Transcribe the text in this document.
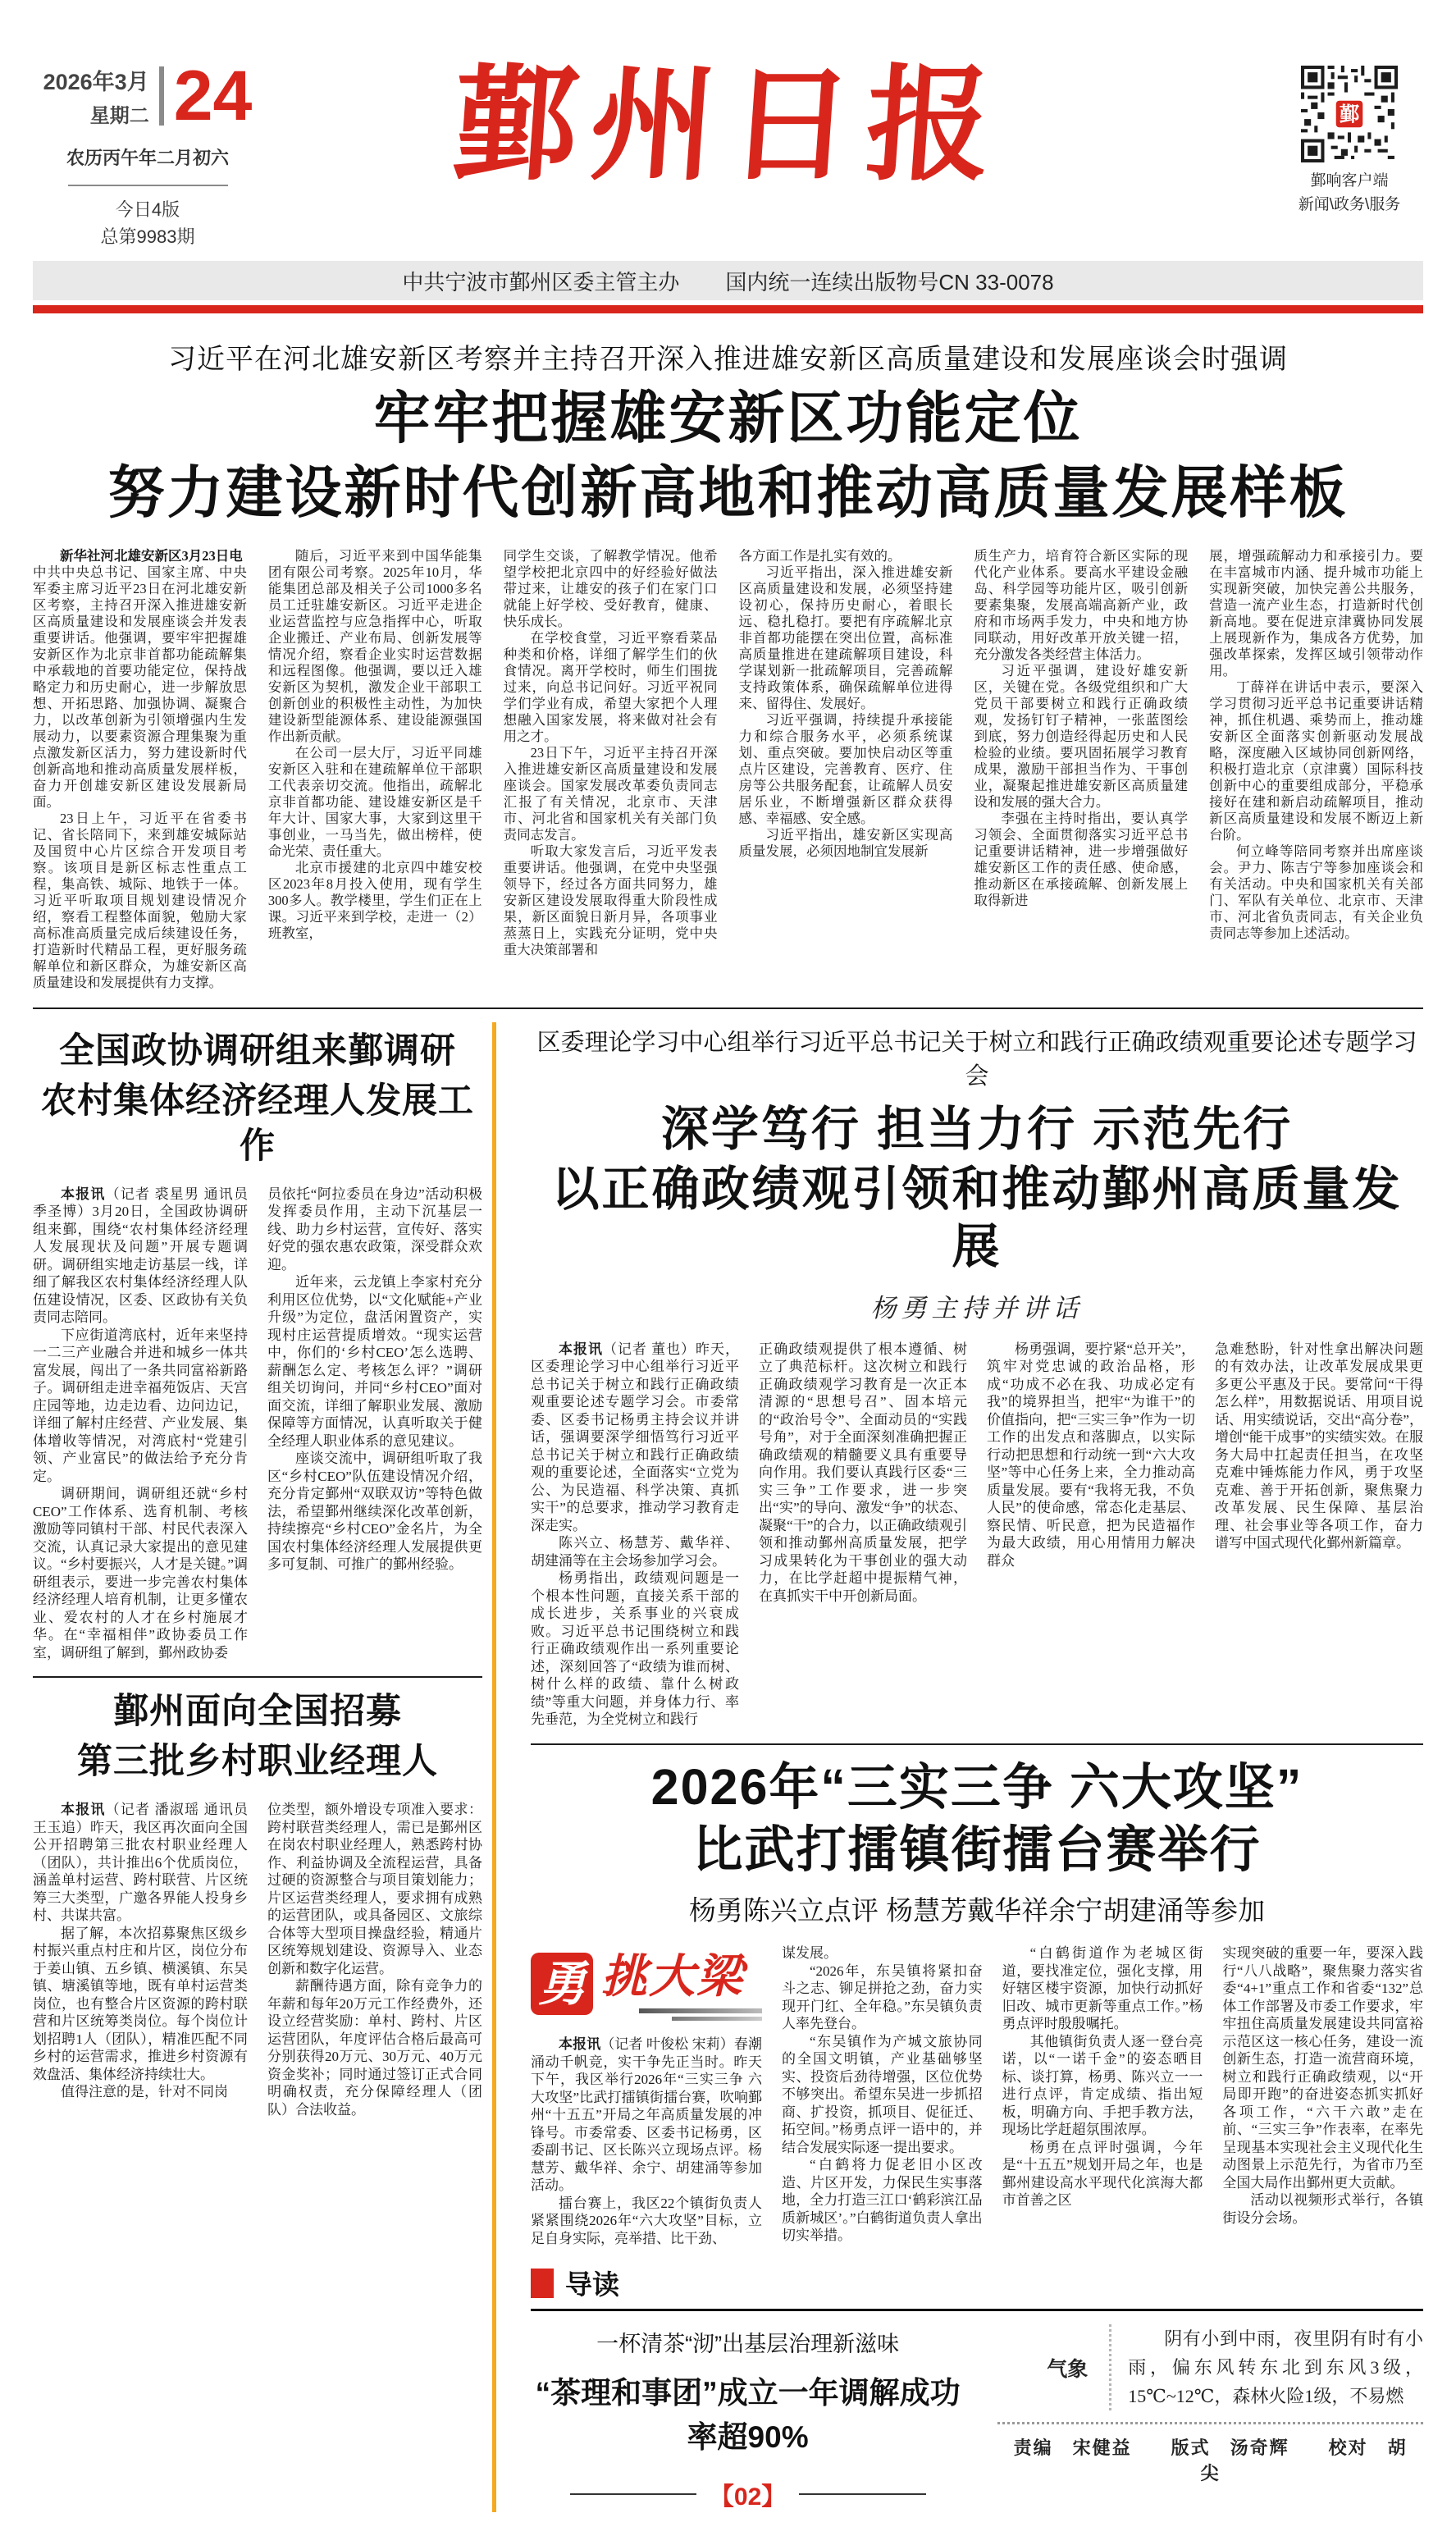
2026年3月
星期二 24
农历丙午年二月初六
今日4版
总第9983期
鄞州日报	鄞
鄞响客户端
新闻\政务\服务
中共宁波市鄞州区委主管主办 国内统一连续出版物号CN 33-0078
习近平在河北雄安新区考察并主持召开深入推进雄安新区高质量建设和发展座谈会时强调
牢牢把握雄安新区功能定位
努力建设新时代创新高地和推动高质量发展样板

新华社河北雄安新区3月23日电　中共中央总书记、国家主席、中央军委主席习近平23日在河北雄安新区考察，主持召开深入推进雄安新区高质量建设和发展座谈会并发表重要讲话。他强调，要牢牢把握雄安新区作为北京非首都功能疏解集中承载地的首要功能定位，保持战略定力和历史耐心，进一步解放思想、开拓思路、加强协调、凝聚合力，以改革创新为引领增强内生发展动力，以要素资源合理集聚为重点激发新区活力，努力建设新时代创新高地和推动高质量发展样板，奋力开创雄安新区建设发展新局面。

23日上午，习近平在省委书记、省长陪同下，来到雄安城际站及国贸中心片区综合开发项目考察。该项目是新区标志性重点工程，集高铁、城际、地铁于一体。习近平听取项目规划建设情况介绍，察看工程整体面貌，勉励大家高标准高质量完成后续建设任务，打造新时代精品工程，更好服务疏解单位和新区群众，为雄安新区高质量建设和发展提供有力支撑。

随后，习近平来到中国华能集团有限公司考察。2025年10月，华能集团总部及相关子公司1000多名员工迁驻雄安新区。习近平走进企业运营监控与应急指挥中心，听取企业搬迁、产业布局、创新发展等情况介绍，察看企业实时运营数据和远程图像。他强调，要以迁入雄安新区为契机，激发企业干部职工创新创业的积极性主动性，为加快建设新型能源体系、建设能源强国作出新贡献。

在公司一层大厅，习近平同雄安新区入驻和在建疏解单位干部职工代表亲切交流。他指出，疏解北京非首都功能、建设雄安新区是千年大计、国家大事，大家到这里干事创业，一马当先，做出榜样，使命光荣、责任重大。

北京市援建的北京四中雄安校区2023年8月投入使用，现有学生300多人。教学楼里，学生们正在上课。习近平来到学校，走进一（2）班教室，

同学生交谈，了解教学情况。他希望学校把北京四中的好经验好做法带过来，让雄安的孩子们在家门口就能上好学校、受好教育，健康、快乐成长。

在学校食堂，习近平察看菜品种类和价格，详细了解学生们的伙食情况。离开学校时，师生们围拢过来，向总书记问好。习近平祝同学们学业有成，希望大家把个人理想融入国家发展，将来做对社会有用之才。

23日下午，习近平主持召开深入推进雄安新区高质量建设和发展座谈会。国家发展改革委负责同志汇报了有关情况，北京市、天津市、河北省和国家机关有关部门负责同志发言。

听取大家发言后，习近平发表重要讲话。他强调，在党中央坚强领导下，经过各方面共同努力，雄安新区建设发展取得重大阶段性成果，新区面貌日新月异，各项事业蒸蒸日上，实践充分证明，党中央重大决策部署和

各方面工作是扎实有效的。

习近平指出，深入推进雄安新区高质量建设和发展，必须坚持建设初心，保持历史耐心，着眼长远、稳扎稳打。要把有序疏解北京非首都功能摆在突出位置，高标准高质量推进在建疏解项目建设，科学谋划新一批疏解项目，完善疏解支持政策体系，确保疏解单位进得来、留得住、发展好。

习近平强调，持续提升承接能力和综合服务水平，必须系统谋划、重点突破。要加快启动区等重点片区建设，完善教育、医疗、住房等公共服务配套，让疏解人员安居乐业，不断增强新区群众获得感、幸福感、安全感。

习近平指出，雄安新区实现高质量发展，必须因地制宜发展新

质生产力，培育符合新区实际的现代化产业体系。要高水平建设金融岛、科学园等功能片区，吸引创新要素集聚，发展高端高新产业，政府和市场两手发力，中央和地方协同联动，用好改革开放关键一招，充分激发各类经营主体活力。

习近平强调，建设好雄安新区，关键在党。各级党组织和广大党员干部要树立和践行正确政绩观，发扬钉钉子精神，一张蓝图绘到底，努力创造经得起历史和人民检验的业绩。要巩固拓展学习教育成果，激励干部担当作为、干事创业，凝聚起推进雄安新区高质量建设和发展的强大合力。

李强在主持时指出，要认真学习领会、全面贯彻落实习近平总书记重要讲话精神，进一步增强做好雄安新区工作的责任感、使命感，推动新区在承接疏解、创新发展上取得新进

展，增强疏解动力和承接引力。要在丰富城市内涵、提升城市功能上实现新突破，加快完善公共服务，营造一流产业生态，打造新时代创新高地。要在促进京津冀协同发展上展现新作为，集成各方优势，加强改革探索，发挥区域引领带动作用。

丁薛祥在讲话中表示，要深入学习贯彻习近平总书记重要讲话精神，抓住机遇、乘势而上，推动雄安新区全面落实创新驱动发展战略，深度融入区域协同创新网络，积极打造北京（京津冀）国际科技创新中心的重要组成部分，平稳承接好在建和新启动疏解项目，推动新区高质量建设和发展不断迈上新台阶。

何立峰等陪同考察并出席座谈会。尹力、陈吉宁等参加座谈会和有关活动。中央和国家机关有关部门、军队有关单位、北京市、天津市、河北省负责同志，有关企业负责同志等参加上述活动。

全国政协调研组来鄞调研
农村集体经济经理人发展工作

本报讯（记者 裘星男 通讯员 季圣博）3月20日，全国政协调研组来鄞，围绕“农村集体经济经理人发展现状及问题”开展专题调研。调研组实地走访基层一线，详细了解我区农村集体经济经理人队伍建设情况，区委、区政协有关负责同志陪同。

下应街道湾底村，近年来坚持一二三产业融合并进和城乡一体共富发展，闯出了一条共同富裕新路子。调研组走进幸福苑饭店、天宫庄园等地，边走边看、边问边记，详细了解村庄经营、产业发展、集体增收等情况，对湾底村“党建引领、产业富民”的做法给予充分肯定。

调研期间，调研组还就“乡村CEO”工作体系、选育机制、考核激励等同镇村干部、村民代表深入交流，认真记录大家提出的意见建议。“乡村要振兴，人才是关键。”调研组表示，要进一步完善农村集体经济经理人培育机制，让更多懂农业、爱农村的人才在乡村施展才华。在“幸福相伴”政协委员工作室，调研组了解到，鄞州政协委

员依托“阿拉委员在身边”活动积极发挥委员作用，主动下沉基层一线、助力乡村运营，宣传好、落实好党的强农惠农政策，深受群众欢迎。

近年来，云龙镇上李家村充分利用区位优势，以“文化赋能+产业升级”为定位，盘活闲置资产，实现村庄运营提质增效。“现实运营中，你们的‘乡村CEO’怎么选聘、薪酬怎么定、考核怎么评？”调研组关切询问，并同“乡村CEO”面对面交流，详细了解职业发展、激励保障等方面情况，认真听取关于健全经理人职业体系的意见建议。

座谈交流中，调研组听取了我区“乡村CEO”队伍建设情况介绍，充分肯定鄞州“双联双访”等特色做法，希望鄞州继续深化改革创新，持续擦亮“乡村CEO”金名片，为全国农村集体经济经理人发展提供更多可复制、可推广的鄞州经验。

鄞州面向全国招募
第三批乡村职业经理人

本报讯（记者 潘淑瑶 通讯员 王玉追）昨天，我区再次面向全国公开招聘第三批农村职业经理人（团队），共计推出6个优质岗位，涵盖单村运营、跨村联营、片区统筹三大类型，广邀各界能人投身乡村、共谋共富。

据了解，本次招募聚焦区级乡村振兴重点村庄和片区，岗位分布于姜山镇、五乡镇、横溪镇、东吴镇、塘溪镇等地，既有单村运营类岗位，也有整合片区资源的跨村联营和片区统筹类岗位。每个岗位计划招聘1人（团队），精准匹配不同乡村的运营需求，推进乡村资源有效盘活、集体经济持续壮大。

值得注意的是，针对不同岗

位类型，额外增设专项准入要求：跨村联营类经理人，需已是鄞州区在岗农村职业经理人，熟悉跨村协作、利益协调及全流程运营，具备过硬的资源整合与项目策划能力；片区运营类经理人，要求拥有成熟的运营团队，或具备园区、文旅综合体等大型项目操盘经验，精通片区统筹规划建设、资源导入、业态创新和数字化运营。

薪酬待遇方面，除有竞争力的年薪和每年20万元工作经费外，还设立经营奖励：单村、跨村、片区运营团队，年度评估合格后最高可分别获得20万元、30万元、40万元资金奖补；同时通过签订正式合同明确权责，充分保障经理人（团队）合法收益。

区委理论学习中心组举行习近平总书记关于树立和践行正确政绩观重要论述专题学习会
深学笃行 担当力行 示范先行
以正确政绩观引领和推动鄞州高质量发展
杨勇主持并讲话

本报讯（记者 董也）昨天，区委理论学习中心组举行习近平总书记关于树立和践行正确政绩观重要论述专题学习会。市委常委、区委书记杨勇主持会议并讲话，强调要深学细悟笃行习近平总书记关于树立和践行正确政绩观的重要论述，全面落实“立党为公、为民造福、科学决策、真抓实干”的总要求，推动学习教育走深走实。

陈兴立、杨慧芳、戴华祥、胡建涌等在主会场参加学习会。

杨勇指出，政绩观问题是一个根本性问题，直接关系干部的成长进步，关系事业的兴衰成败。习近平总书记围绕树立和践行正确政绩观作出一系列重要论述，深刻回答了“政绩为谁而树、树什么样的政绩、靠什么树政绩”等重大问题，并身体力行、率先垂范，为全党树立和践行

正确政绩观提供了根本遵循、树立了典范标杆。这次树立和践行正确政绩观学习教育是一次正本清源的“思想号召”、固本培元的“政治号令”、全面动员的“实践号角”，对于全面深刻准确把握正确政绩观的精髓要义具有重要导向作用。我们要认真践行区委“三实三争”工作要求，进一步突出“实”的导向、激发“争”的状态、凝聚“干”的合力，以正确政绩观引领和推动鄞州高质量发展，把学习成果转化为干事创业的强大动力，在比学赶超中提振精气神，在真抓实干中开创新局面。

杨勇强调，要拧紧“总开关”，筑牢对党忠诚的政治品格，形成“功成不必在我、功成必定有我”的境界担当，把牢“为谁干”的价值指向，把“三实三争”作为一切工作的出发点和落脚点，以实际行动把思想和行动统一到“六大攻坚”等中心任务上来，全力推动高质量发展。要有“我将无我，不负人民”的使命感，常态化走基层、察民情、听民意，把为民造福作为最大政绩，用心用情用力解决群众

急难愁盼，针对性拿出解决问题的有效办法，让改革发展成果更多更公平惠及于民。要常问“干得怎么样”，用数据说话、用项目说话、用实绩说话，交出“高分卷”，增创“能干成事”的实绩实效。在服务大局中扛起责任担当，在攻坚克难中锤炼能力作风，勇于攻坚克难、善于开拓创新，聚焦聚力改革发展、民生保障、基层治理、社会事业等各项工作，奋力谱写中国式现代化鄞州新篇章。

2026年“三实三争 六大攻坚”
比武打擂镇街擂台赛举行
杨勇陈兴立点评 杨慧芳戴华祥余宁胡建涌等参加
勇 挑大梁

本报讯（记者 叶俊松 宋莉）春潮涌动千帆竞，实干争先正当时。昨天下午，我区举行2026年“三实三争 六大攻坚”比武打擂镇街擂台赛，吹响鄞州“十五五”开局之年高质量发展的冲锋号。市委常委、区委书记杨勇，区委副书记、区长陈兴立现场点评。杨慧芳、戴华祥、余宁、胡建涌等参加活动。

擂台赛上，我区22个镇街负责人紧紧围绕2026年“六大攻坚”目标，立足自身实际，亮举措、比干劲、

谋发展。

“2026年，东吴镇将紧扣奋斗之志、铆足拼抢之劲，奋力实现开门红、全年稳。”东吴镇负责人率先登台。

“东吴镇作为产城文旅协同的全国文明镇，产业基础够坚实、投资后劲待增强，区位优势不够突出。希望东吴进一步抓招商、扩投资，抓项目、促征迁、拓空间。”杨勇点评一语中的，并结合发展实际逐一提出要求。

“白鹤将力促老旧小区改造、片区开发，力保民生实事落地，全力打造三江口‘鹤彩滨江品质新城区’。”白鹤街道负责人拿出切实举措。

“白鹤街道作为老城区街道，要找准定位，强化支撑，用好辖区楼宇资源，加快行动抓好旧改、城市更新等重点工作。”杨勇点评时殷殷嘱托。

其他镇街负责人逐一登台亮诺，以“一诺千金”的姿态晒目标、谈打算，杨勇、陈兴立一一进行点评，肯定成绩、指出短板，明确方向、手把手教方法，现场比学赶超氛围浓厚。

杨勇在点评时强调，今年是“十五五”规划开局之年，也是鄞州建设高水平现代化滨海大都市首善之区

实现突破的重要一年，要深入践行“八八战略”，聚焦聚力落实省委“4+1”重点工作和省委“132”总体工作部署及市委工作要求，牢牢扭住高质量发展建设共同富裕示范区这一核心任务，建设一流创新生态，打造一流营商环境，树立和践行正确政绩观，以“开局即开跑”的奋进姿态抓实抓好各项工作，“六干六敢”走在前、“三实三争”作表率，在率先呈现基本实现社会主义现代化生动图景上示范先行，为省市乃至全国大局作出鄞州更大贡献。

活动以视频形式举行，各镇街设分会场。

导读
一杯清茶“沏”出基层治理新滋味
“茶理和事团”成立一年调解成功率超90%
【02】
气象
阴有小到中雨，夜里阴有时有小雨，偏东风转东北到东风3级，15℃~12℃，森林火险1级，不易燃
责编　宋健益　　版式　汤奇辉　　校对　胡　尖
